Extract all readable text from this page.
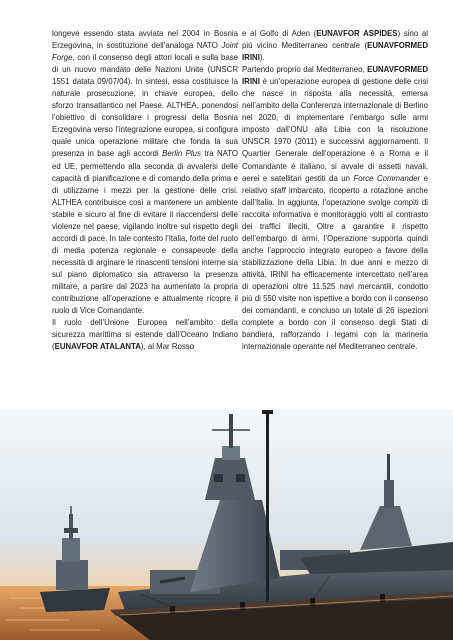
longeve essendo stata avviata nel 2004 in Bosnia Erzegovina, in sostituzione dell’analoga NATO Joint Forge, con il consenso degli attori locali e sulla base di un nuovo mandato delle Nazioni Unite (UNSCR 1551 datata 09/07/04). In sintesi, essa costituisce la naturale prosecuzione, in chiave europea, dello sforzo transatlantico nel Paese. ALTHEA, ponendosi l’obiettivo di consolidare i progressi della Bosnia Erzegovina verso l’integrazione europea, si configura quale unica operazione militare che fonda la sua presenza in base agli accordi Berlin Plus tra NATO ed UE, permettendo alla seconda di avvalersi delle capacità di pianificazione e di comando della prima e di utilizzarne i mezzi per la gestione delle crisi. ALTHEA contribuisce così a mantenere un ambiente stabile e sicuro al fine di evitare il riaccendersi delle violenze nel paese, vigilando inoltre sul rispetto degli accordi di pace. In tale contesto l’Italia, forte del ruolo di media potenza regionale e consapevole della necessità di arginare le rinascenti tensioni interne sia sul piano diplomatico sia attraverso la presenza militare, a partire dal 2023 ha aumentato la propria contribuzione all’operazione e attualmente ricopre il ruolo di Vice Comandante.

Il ruolo dell’Unione Europea nell’ambito della sicurezza marittima si estende dall’Oceano Indiano (EUNAVFOR ATALANTA), al Mar Rosso

e al Golfo di Aden (EUNAVFOR ASPIDES) sino al più vicino Mediterraneo centrale (EUNAVFORMED IRINI).

Partendo proprio dal Mediterraneo, EUNAVFORMED IRINI è un’operazione europea di gestione delle crisi che nasce in risposta alla necessità, emersa nell’ambito della Conferenza internazionale di Berlino nel 2020, di implementare l’embargo sulle armi imposto dall’ONU alla Libia con la risoluzione UNSCR 1970 (2011) e successivi aggiornamenti. Il Quartier Generale dell’operazione è a Roma e il Comandante è italiano, si avvale di assetti navali, aerei e satellitari gestiti da un Force Commander e relativo staff imbarcato, ricoperto a rotazione anche dall’Italia. In aggiunta, l’operazione svolge compiti di raccolta informativa e monitoraggio volti al contrasto dei traffici illeciti. Oltre a garantire il rispetto dell’embargo di armi, l’Operazione supporta quindi anche l’approccio integrato europeo a favore della stabilizzazione della Libia. In due anni e mezzo di attività, IRINI ha efficacemente intercettato nell’area di operazioni oltre 11.525 navi mercantili, condotto più di 550 visite non ispettive a bordo con il consenso dei comandanti, e concluso un totale di 26 ispezioni complete a bordo con il consenso degli Stati di bandiera, rafforzando i legami con la marineria internazionale operante nel Mediterraneo centrale.
